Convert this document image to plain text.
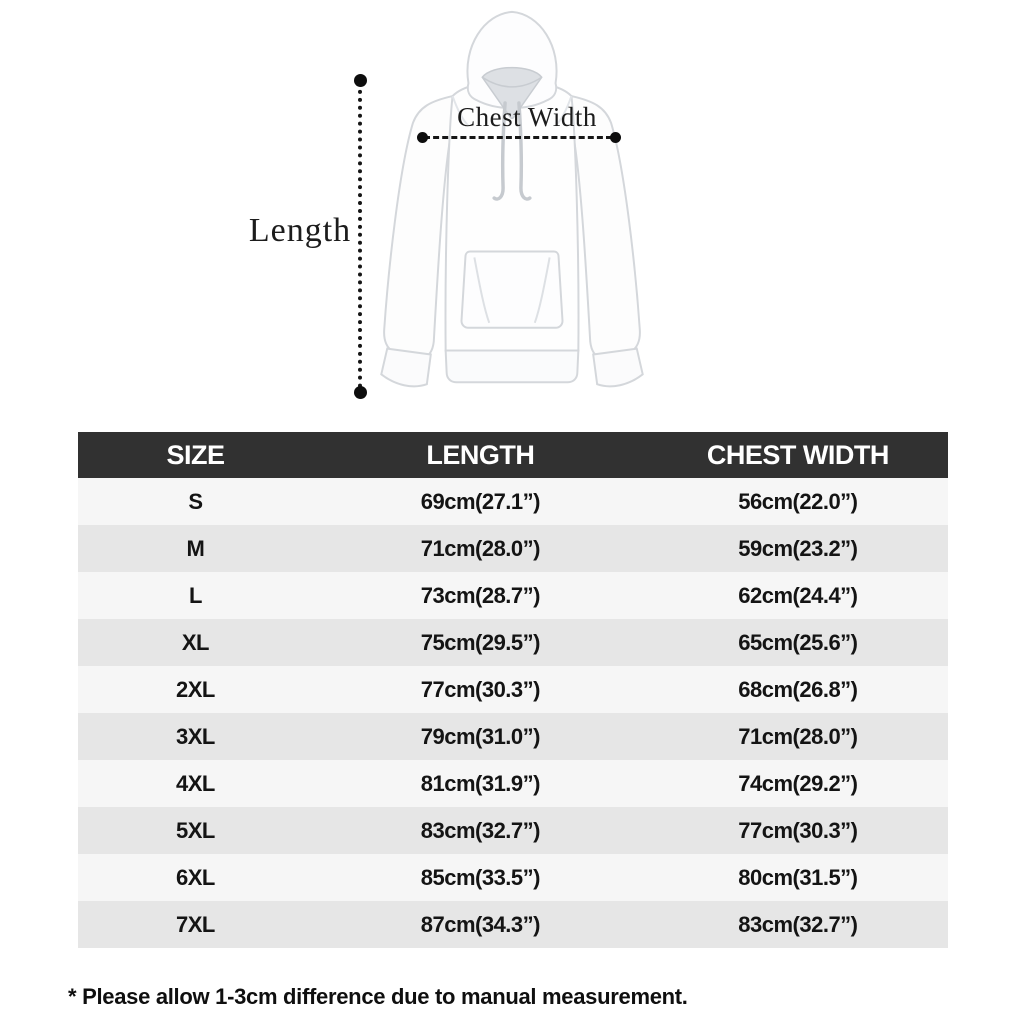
Length
Chest Width
SIZE	LENGTH	CHEST WIDTH
S	69cm(27.1”)	56cm(22.0”)
M	71cm(28.0”)	59cm(23.2”)
L	73cm(28.7”)	62cm(24.4”)
XL	75cm(29.5”)	65cm(25.6”)
2XL	77cm(30.3”)	68cm(26.8”)
3XL	79cm(31.0”)	71cm(28.0”)
4XL	81cm(31.9”)	74cm(29.2”)
5XL	83cm(32.7”)	77cm(30.3”)
6XL	85cm(33.5”)	80cm(31.5”)
7XL	87cm(34.3”)	83cm(32.7”)
* Please allow 1-3cm difference due to manual measurement.
